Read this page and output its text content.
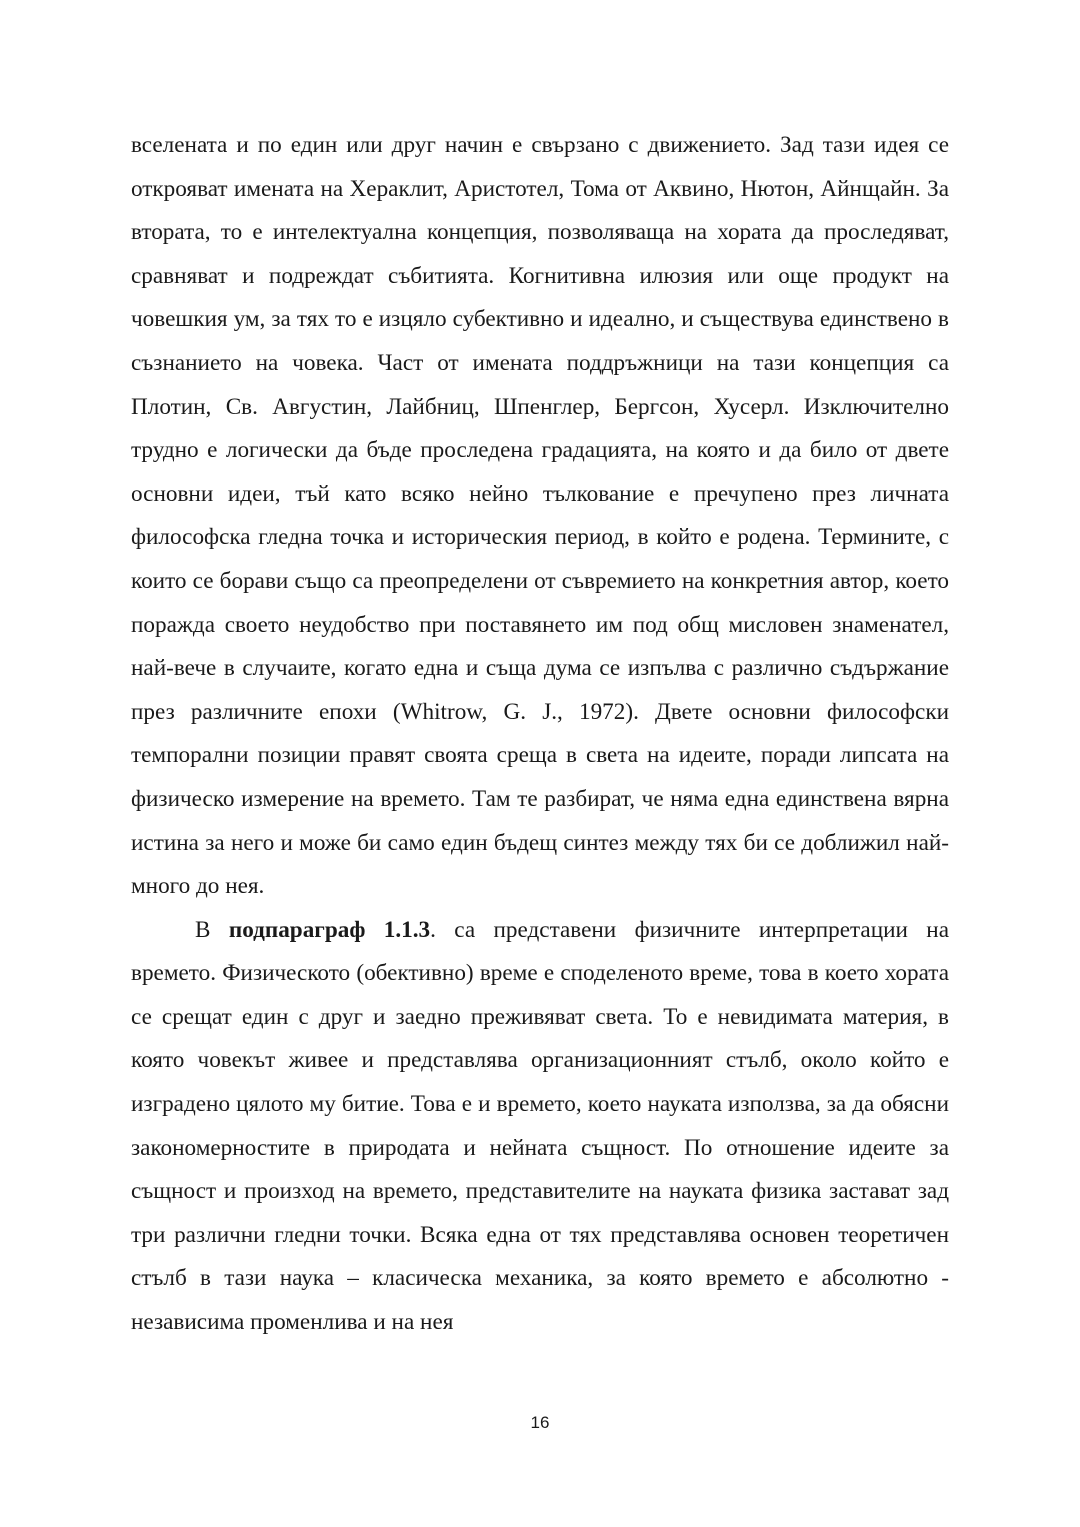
вселената и по един или друг начин е свързано с движението. Зад тази идея се открояват имената на Хераклит, Аристотел, Тома от Аквино, Нютон, Айнщайн. За втората, то е интелектуална концепция, позволяваща на хората да проследяват, сравняват и подреждат събитията. Когнитивна илюзия или още продукт на човешкия ум, за тях то е изцяло субективно и идеално, и съществува единствено в съзнанието на човека. Част от имената поддръжници на тази концепция са Плотин, Св. Августин, Лайбниц, Шпенглер, Бергсон, Хусерл. Изключително трудно е логически да бъде проследена градацията, на която и да било от двете основни идеи, тъй като всяко нейно тълкование е пречупено през личната философска гледна точка и историческия период, в който е родена. Термините, с които се борави също са преопределени от съвремието на конкретния автор, което поражда своето неудобство при поставянето им под общ мисловен знаменател, най-вече в случаите, когато една и съща дума се изпълва с различно съдържание през различните епохи (Whitrow, G. J., 1972). Двете основни философски темпорални позиции правят своята среща в света на идеите, поради липсата на физическо измерение на времето. Там те разбират, че няма една единствена вярна истина за него и може би само един бъдещ синтез между тях би се доближил най-много до нея.

В подпараграф 1.1.3. са представени физичните интерпретации на времето. Физическото (обективно) време е споделеното време, това в което хората се срещат един с друг и заедно преживяват света. То е невидимата материя, в която човекът живее и представлява организационният стълб, около който е изградено цялото му битие. Това е и времето, което науката използва, за да обясни закономерностите в природата и нейната същност. По отношение идеите за същност и произход на времето, представителите на науката физика застават зад три различни гледни точки. Всяка една от тях представлява основен теоретичен стълб в тази наука – класическа механика, за която времето е абсолютно - независима променлива и на нея

16
